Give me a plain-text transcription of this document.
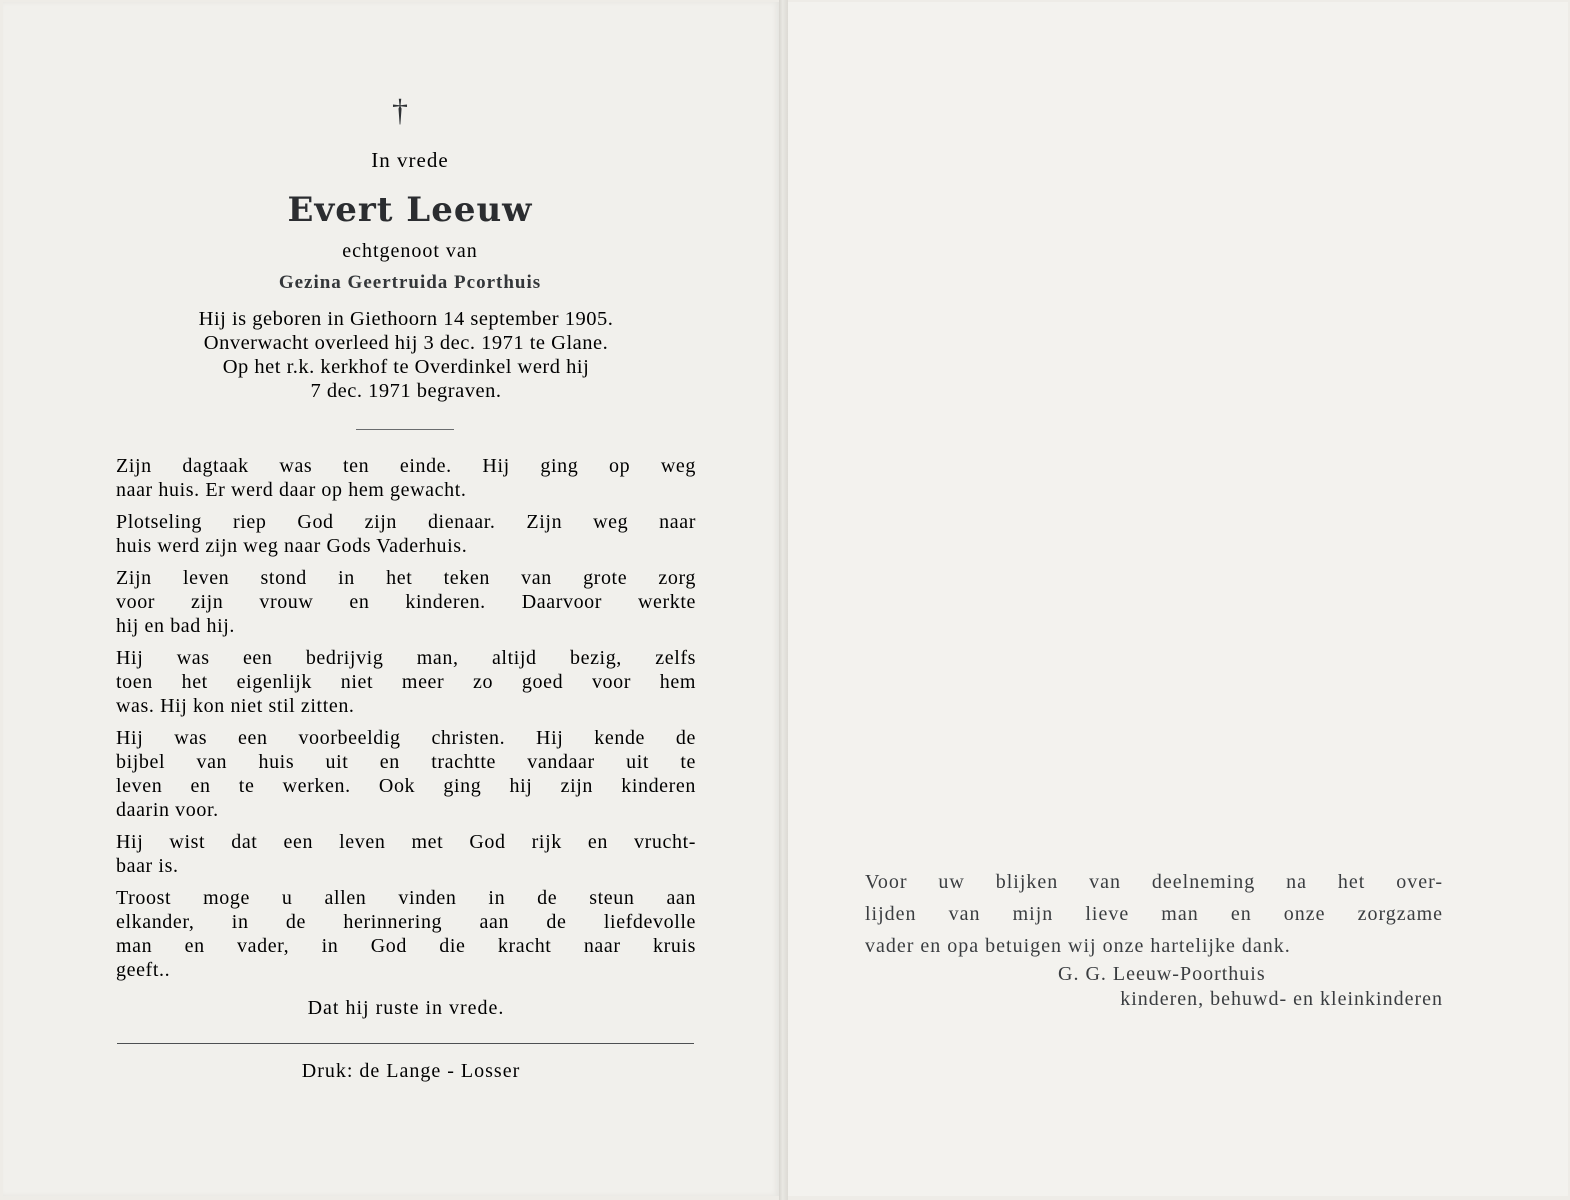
†
In vrede
Evert Leeuw
echtgenoot van
Gezina Geertruida Pcorthuis
Hij is geboren in Giethoorn 14 september 1905.
Onverwacht overleed hij 3 dec. 1971 te Glane.
Op het r.k. kerkhof te Overdinkel werd hij
7 dec. 1971 begraven.
Zijn dagtaak was ten einde. Hij ging op weg
naar huis. Er werd daar op hem gewacht.
Plotseling riep God zijn dienaar. Zijn weg naar
huis werd zijn weg naar Gods Vaderhuis.
Zijn leven stond in het teken van grote zorg
voor zijn vrouw en kinderen. Daarvoor werkte
hij en bad hij.
Hij was een bedrijvig man, altijd bezig, zelfs
toen het eigenlijk niet meer zo goed voor hem
was. Hij kon niet stil zitten.
Hij was een voorbeeldig christen. Hij kende de
bijbel van huis uit en trachtte vandaar uit te
leven en te werken. Ook ging hij zijn kinderen
daarin voor.
Hij wist dat een leven met God rijk en vrucht-
baar is.
Troost moge u allen vinden in de steun aan
elkander, in de herinnering aan de liefdevolle
man en vader, in God die kracht naar kruis
geeft..
Dat hij ruste in vrede.
Druk: de Lange - Losser
Voor uw blijken van deelneming na het over-
lijden van mijn lieve man en onze zorgzame
vader en opa betuigen wij onze hartelijke dank.
G. G. Leeuw-Poorthuis
kinderen, behuwd- en kleinkinderen
